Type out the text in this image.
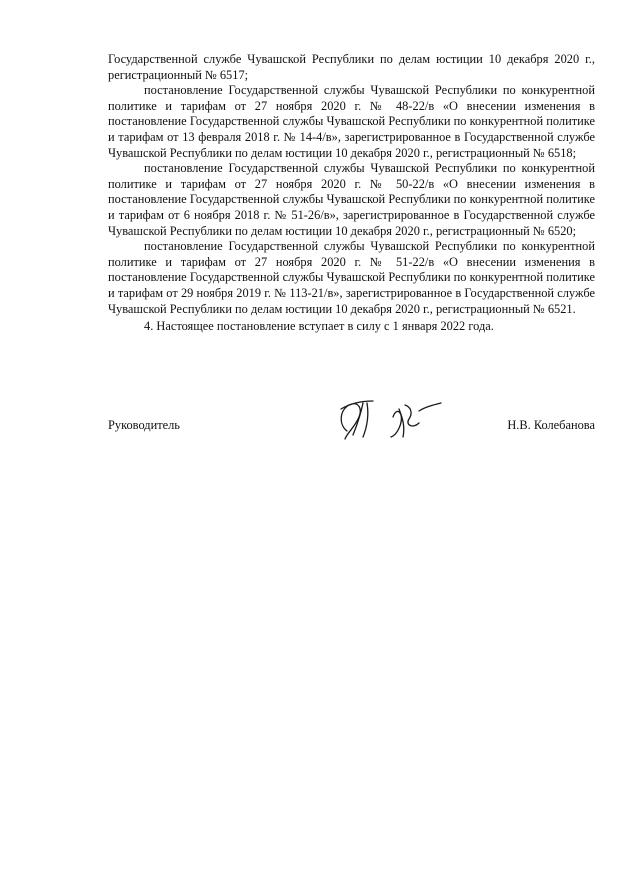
Государственной службе Чувашской Республики по делам юстиции 10 декабря 2020 г., регистрационный № 6517;

постановление Государственной службы Чувашской Республики по конкурентной политике и тарифам от 27 ноября 2020 г. № 48-22/в «О внесении изменения в постановление Государственной службы Чувашской Республики по конкурентной политике и тарифам от 13 февраля 2018 г. № 14-4/в», зарегистрированное в Государственной службе Чувашской Республики по делам юстиции 10 декабря 2020 г., регистрационный № 6518;

постановление Государственной службы Чувашской Республики по конкурентной политике и тарифам от 27 ноября 2020 г. № 50-22/в «О внесении изменения в постановление Государственной службы Чувашской Республики по конкурентной политике и тарифам от 6 ноября 2018 г. № 51-26/в», зарегистрированное в Государственной службе Чувашской Республики по делам юстиции 10 декабря 2020 г., регистрационный № 6520;

постановление Государственной службы Чувашской Республики по конкурентной политике и тарифам от 27 ноября 2020 г. № 51-22/в «О внесении изменения в постановление Государственной службы Чувашской Республики по конкурентной политике и тарифам от 29 ноября 2019 г. № 113-21/в», зарегистрированное в Государственной службе Чувашской Республики по делам юстиции 10 декабря 2020 г., регистрационный № 6521.

4. Настоящее постановление вступает в силу с 1 января 2022 года.

Руководитель	Н.В. Колебанова
